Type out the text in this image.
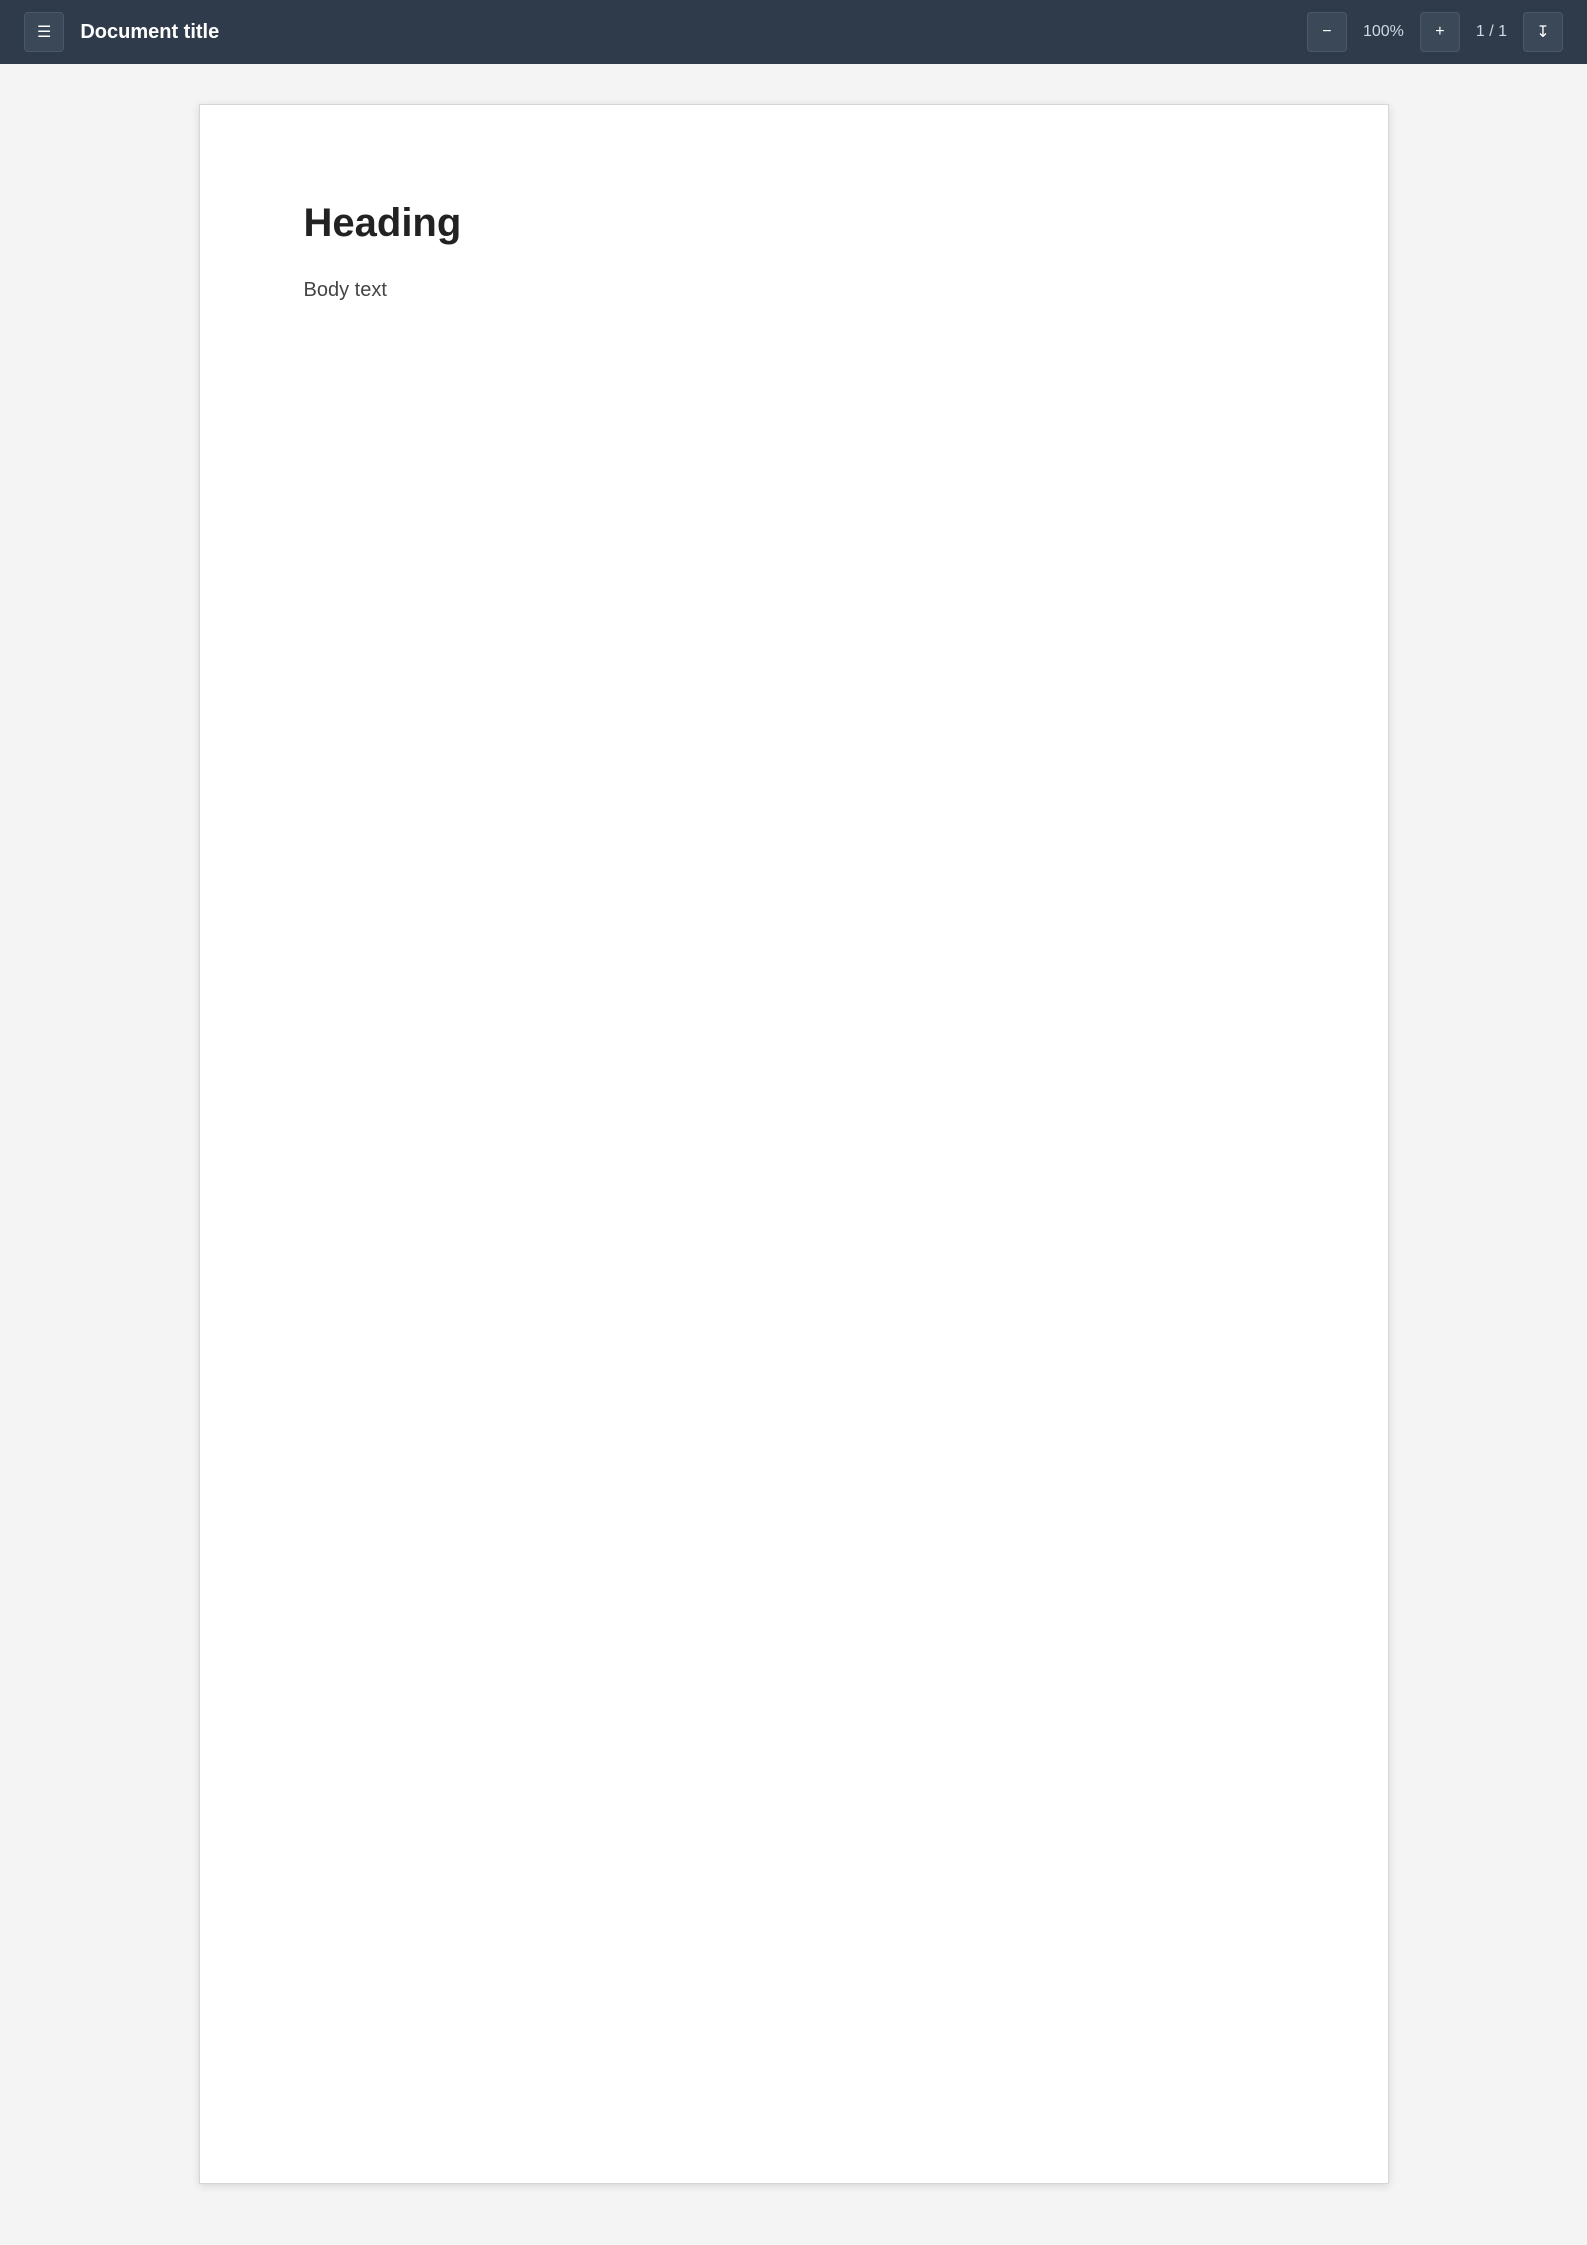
☰	Document title	−	100%	+	1 / 1	↧
Heading

Body text
